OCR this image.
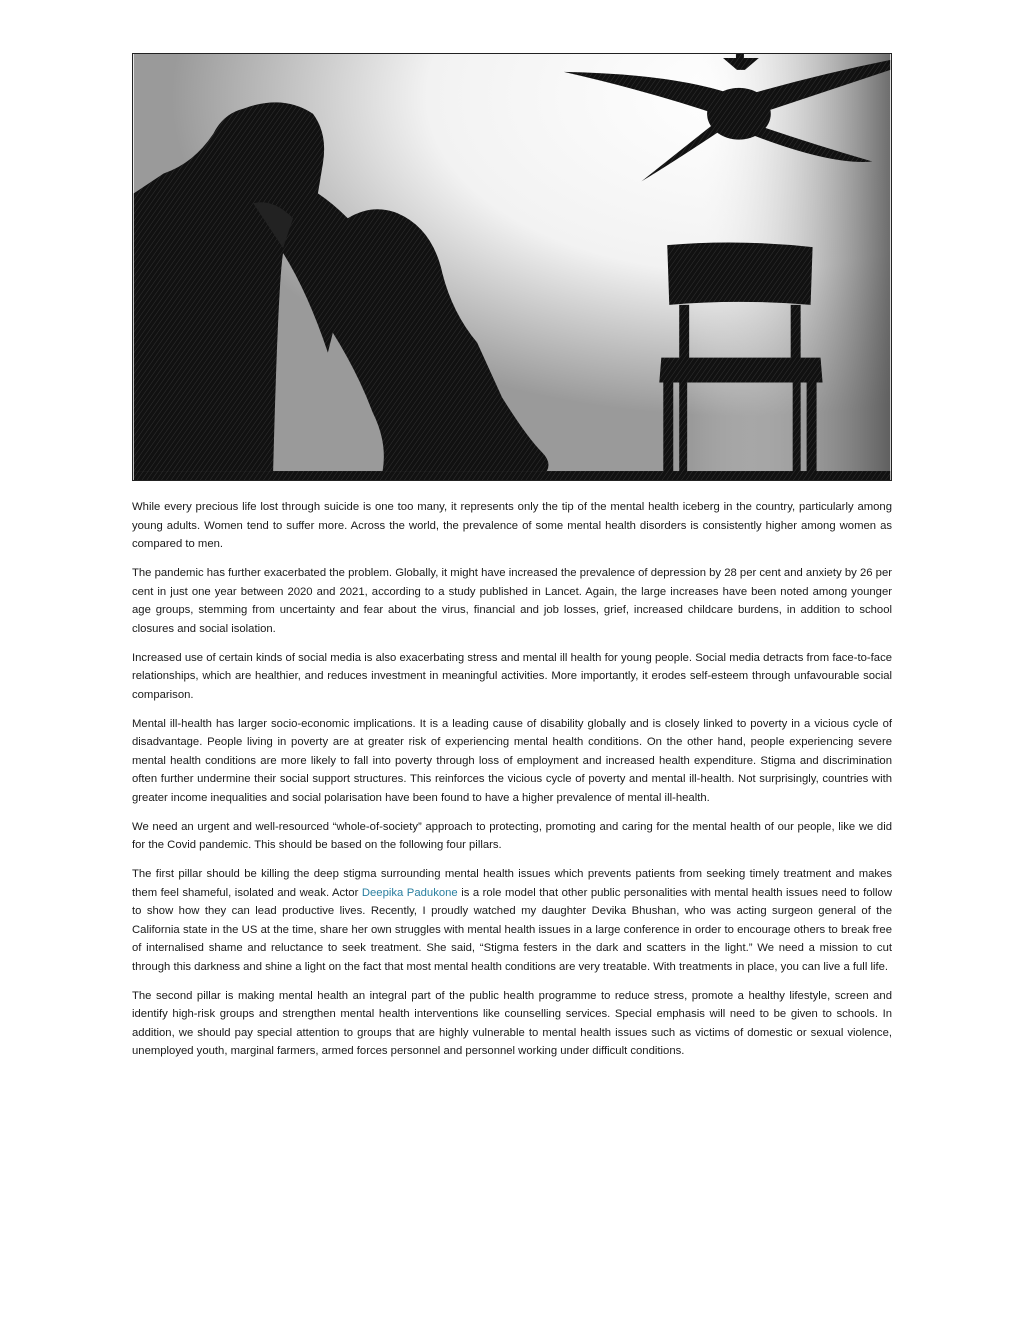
While every precious life lost through suicide is one too many, it represents only the tip of the mental health iceberg in the country, particularly among young adults. Women tend to suffer more. Across the world, the prevalence of some mental health disorders is consistently higher among women as compared to men.

The pandemic has further exacerbated the problem. Globally, it might have increased the prevalence of depression by 28 per cent and anxiety by 26 per cent in just one year between 2020 and 2021, according to a study published in Lancet. Again, the large increases have been noted among younger age groups, stemming from uncertainty and fear about the virus, financial and job losses, grief, increased childcare burdens, in addition to school closures and social isolation.

Increased use of certain kinds of social media is also exacerbating stress and mental ill health for young people. Social media detracts from face-to-face relationships, which are healthier, and reduces investment in meaningful activities. More importantly, it erodes self-esteem through unfavourable social comparison.

Mental ill-health has larger socio-economic implications. It is a leading cause of disability globally and is closely linked to poverty in a vicious cycle of disadvantage. People living in poverty are at greater risk of experiencing mental health conditions. On the other hand, people experiencing severe mental health conditions are more likely to fall into poverty through loss of employment and increased health expenditure. Stigma and discrimination often further undermine their social support structures. This reinforces the vicious cycle of poverty and mental ill-health. Not surprisingly, countries with greater income inequalities and social polarisation have been found to have a higher prevalence of mental ill-health.

We need an urgent and well-resourced “whole-of-society” approach to protecting, promoting and caring for the mental health of our people, like we did for the Covid pandemic. This should be based on the following four pillars.

The first pillar should be killing the deep stigma surrounding mental health issues which prevents patients from seeking timely treatment and makes them feel shameful, isolated and weak. Actor Deepika Padukone is a role model that other public personalities with mental health issues need to follow to show how they can lead productive lives. Recently, I proudly watched my daughter Devika Bhushan, who was acting surgeon general of the California state in the US at the time, share her own struggles with mental health issues in a large conference in order to encourage others to break free of internalised shame and reluctance to seek treatment. She said, “Stigma festers in the dark and scatters in the light.” We need a mission to cut through this darkness and shine a light on the fact that most mental health conditions are very treatable. With treatments in place, you can live a full life.

The second pillar is making mental health an integral part of the public health programme to reduce stress, promote a healthy lifestyle, screen and identify high-risk groups and strengthen mental health interventions like counselling services. Special emphasis will need to be given to schools. In addition, we should pay special attention to groups that are highly vulnerable to mental health issues such as victims of domestic or sexual violence, unemployed youth, marginal farmers, armed forces personnel and personnel working under difficult conditions.
